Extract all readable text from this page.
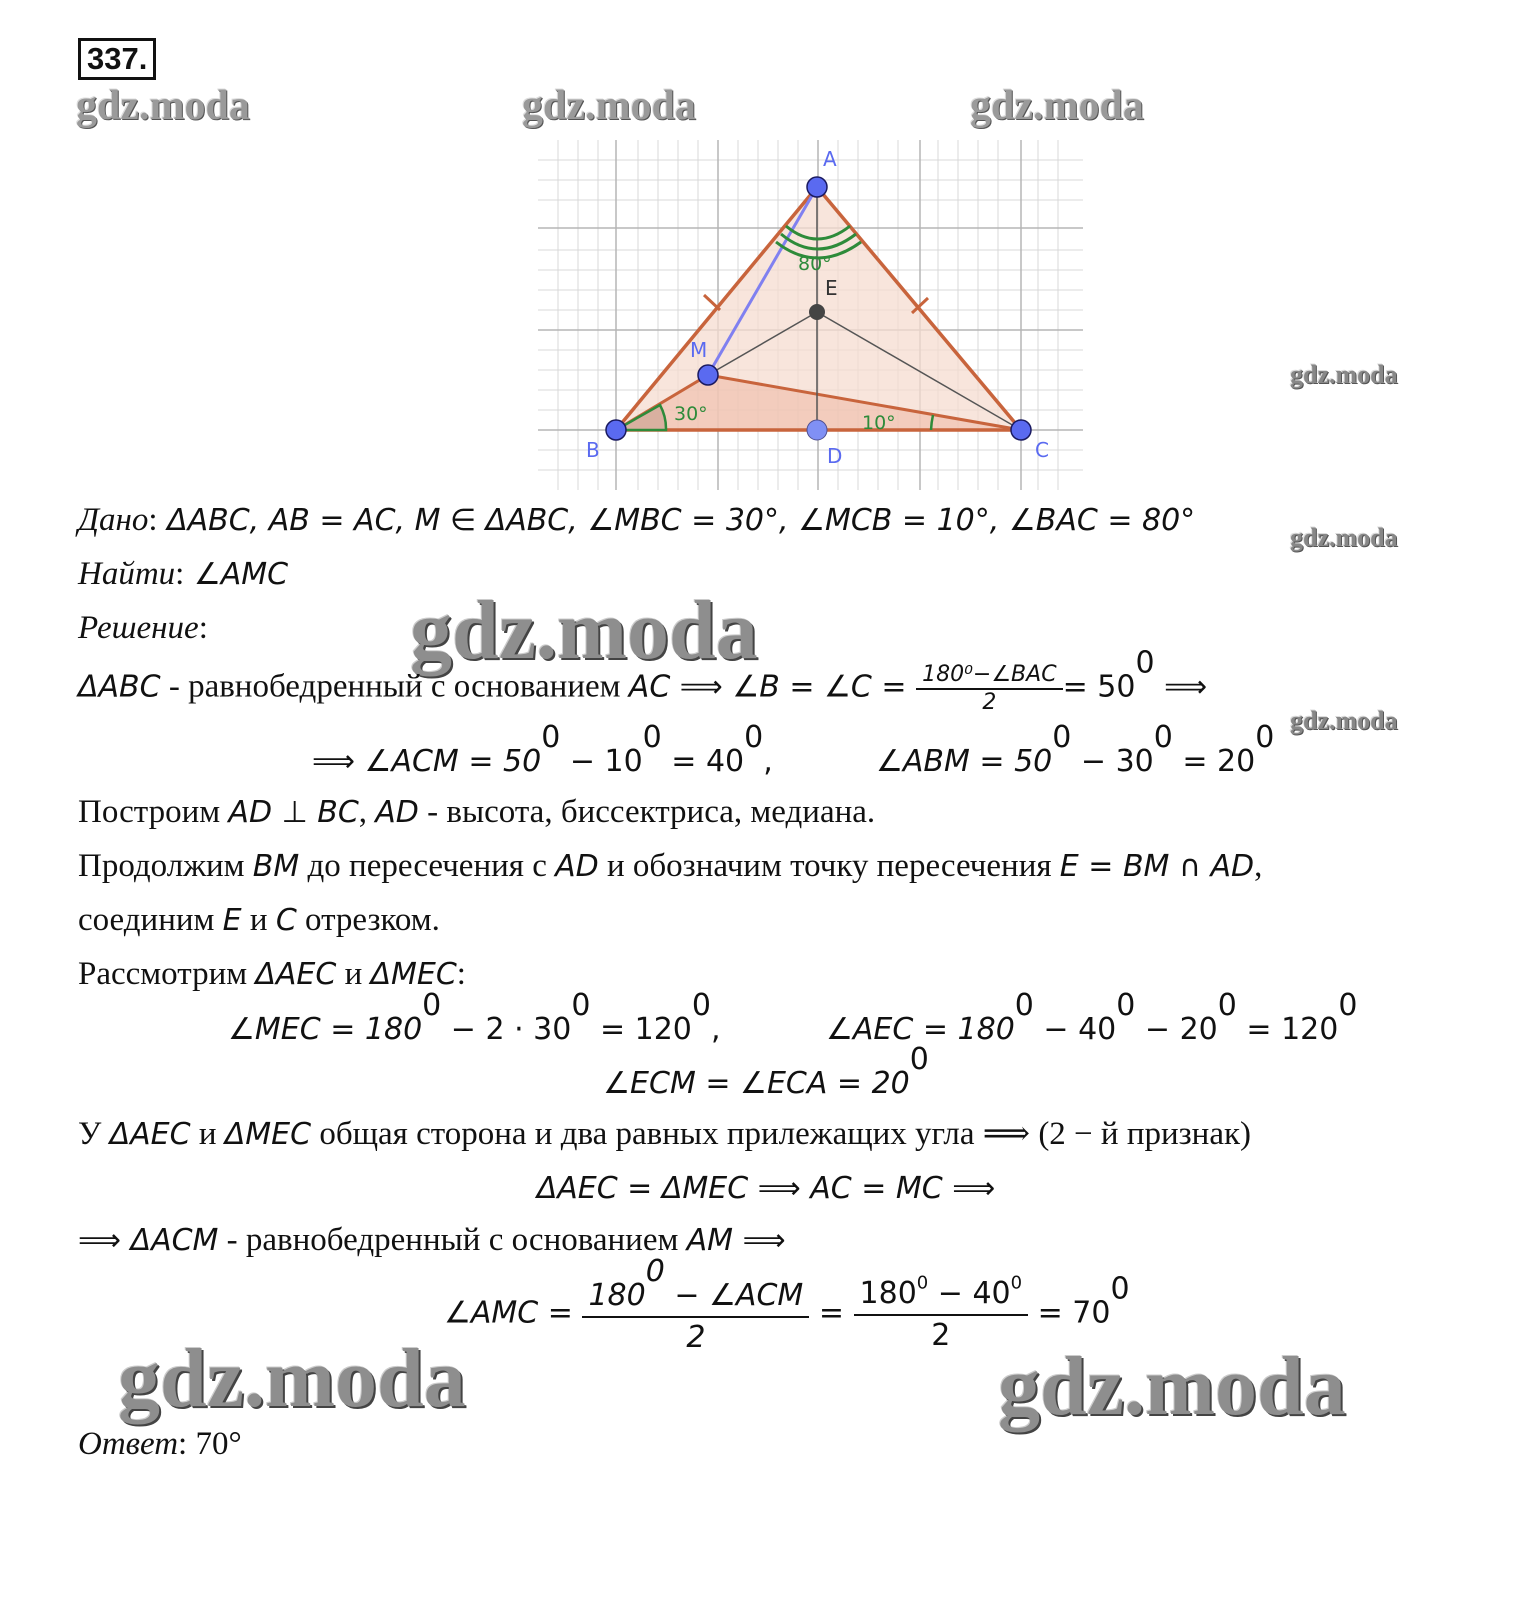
337.
gdz.moda	gdz.moda	gdz.moda
80°
30°	10°
A
B	C
D
E
M
gdz.moda
Дано: ΔABC, AB = AC, M ∈ ΔABC, ∠MBC = 30°, ∠MCB = 10°, ∠BAC = 80°	gdz.moda
Найти: ∠AMC
Решение: gdz.moda
ΔABC - равнобедренный с основанием AC ⟹ ∠B = ∠C = $\frac{\text{180⁰−∠BAC}}{2} = 50^0$ ⟹
gdz.moda
⟹ ∠ACM = $50^0 - 10^0 = 40^0$,	∠ABM = $50^0 - 30^0 = 20^0$
Построим AD ⊥ BC, AD - высота, биссектриса, медиана.
Продолжим BM до пересечения с AD и обозначим точку пересечения E = BM ∩ AD,
соединим E и C отрезком.
Рассмотрим ΔAEC и ΔMEC:
∠MEC = $180^0 - 2 \cdot 30^0 = 120^0$,	∠AEC = $180^0 - 40^0 - 20^0 = 120^0$
∠ECM = ∠ECA = $20^0$
У ΔAEC и ΔMEC общая сторона и два равных прилежащих угла ⟹ (2 − й признак)
ΔAEC = ΔMEC ⟹ AC = MC ⟹
⟹ ΔACM - равнобедренный с основанием AM ⟹
∠AMC = $\frac{180^0 - \angle ACM}{2} = \frac{180^0 - 40^0}{2} = 70^0$
gdz.moda	gdz.moda
Ответ: 70°
